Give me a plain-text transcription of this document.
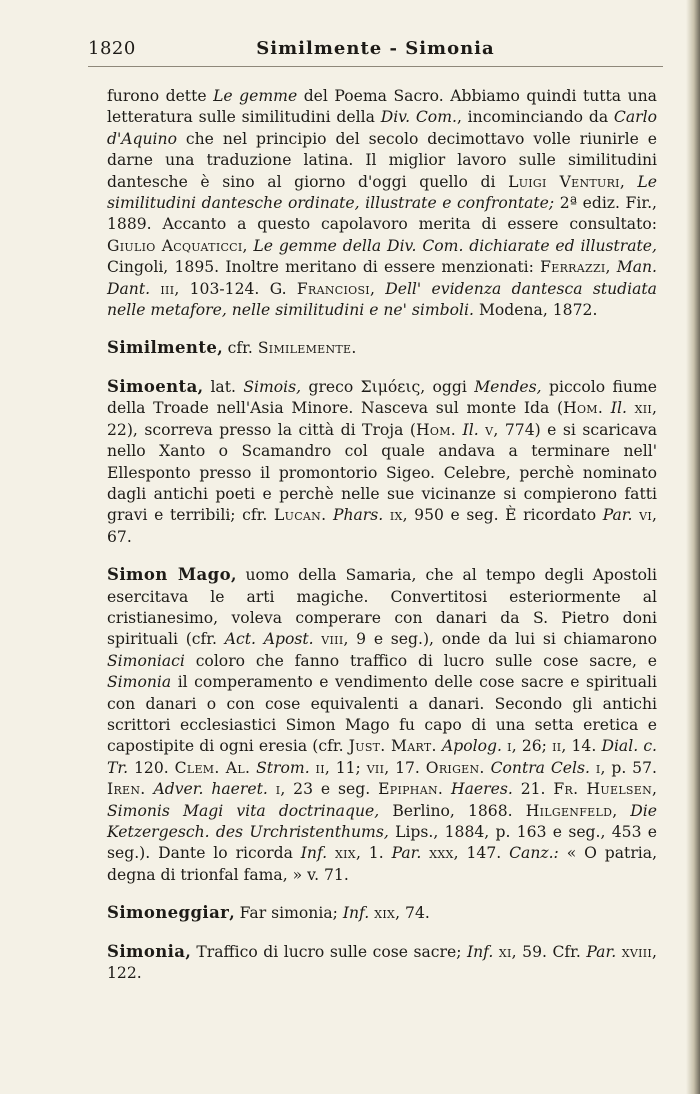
1820	Similmente - Simonia

furono dette Le gemme del Poema Sacro. Abbiamo quindi tutta una letteratura sulle similitudini della Div. Com., incominciando da Carlo d'Aquino che nel principio del secolo decimottavo volle riunirle e darne una traduzione latina. Il miglior lavoro sulle similitudini dantesche è sino al giorno d'oggi quello di Luigi Venturi, Le similitudini dantesche ordinate, illustrate e confrontate; 2ª ediz. Fir., 1889. Accanto a questo capolavoro merita di essere consultato: Giulio Acquaticci, Le gemme della Div. Com. dichiarate ed illustrate, Cingoli, 1895. Inoltre meritano di essere menzionati: Ferrazzi, Man. Dant. iii, 103-124. G. Franciosi, Dell' evidenza dantesca studiata nelle metafore, nelle similitudini e ne' simboli. Modena, 1872.

Similmente, cfr. Similemente.

Simoenta, lat. Simois, greco Σιμόεις, oggi Mendes, piccolo fiume della Troade nell'Asia Minore. Nasceva sul monte Ida (Hom. Il. xii, 22), scorreva presso la città di Troja (Hom. Il. v, 774) e si scaricava nello Xanto o Scamandro col quale andava a terminare nell' Ellesponto presso il promontorio Sigeo. Celebre, perchè nominato dagli antichi poeti e perchè nelle sue vicinanze si compierono fatti gravi e terribili; cfr. Lucan. Phars. ix, 950 e seg. È ricordato Par. vi, 67.

Simon Mago, uomo della Samaria, che al tempo degli Apostoli esercitava le arti magiche. Convertitosi esteriormente al cristianesimo, voleva comperare con danari da S. Pietro doni spirituali (cfr. Act. Apost. viii, 9 e seg.), onde da lui si chiamarono Simoniaci coloro che fanno traffico di lucro sulle cose sacre, e Simonia il comperamento e vendimento delle cose sacre e spirituali con danari o con cose equivalenti a danari. Secondo gli antichi scrittori ecclesiastici Simon Mago fu capo di una setta eretica e capostipite di ogni eresia (cfr. Just. Mart. Apolog. i, 26; ii, 14. Dial. c. Tr. 120. Clem. Al. Strom. ii, 11; vii, 17. Origen. Contra Cels. i, p. 57. Iren. Adver. haeret. i, 23 e seg. Epiphan. Haeres. 21. Fr. Huelsen, Simonis Magi vita doctrinaque, Berlino, 1868. Hilgenfeld, Die Ketzergesch. des Urchristenthums, Lips., 1884, p. 163 e seg., 453 e seg.). Dante lo ricorda Inf. xix, 1. Par. xxx, 147. Canz.: « O patria, degna di trionfal fama, » v. 71.

Simoneggiar, Far simonia; Inf. xix, 74.

Simonia, Traffico di lucro sulle cose sacre; Inf. xi, 59. Cfr. Par. xviii, 122.
